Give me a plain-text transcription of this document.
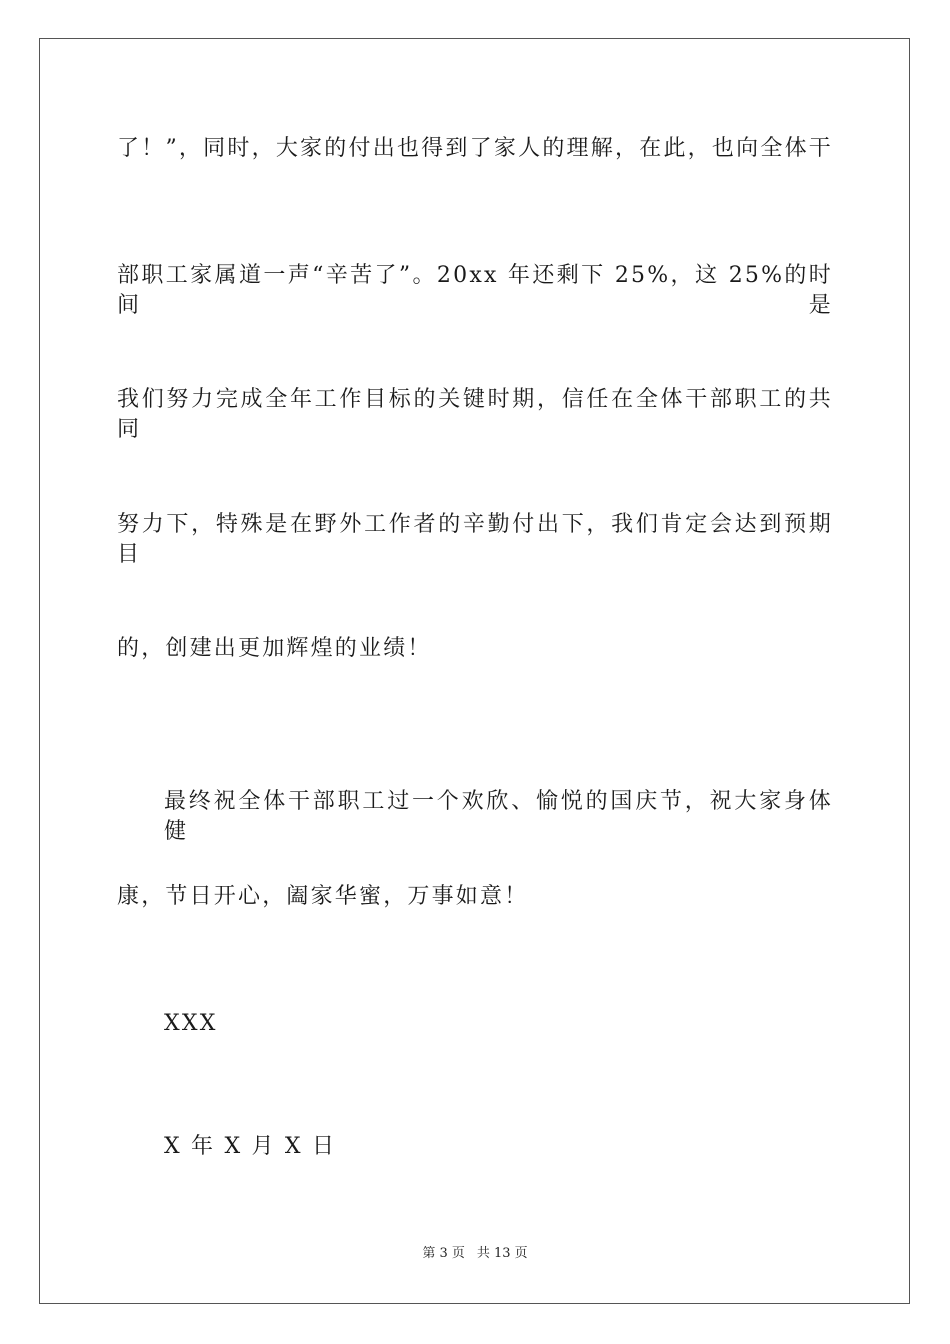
了！”，同时，大家的付出也得到了家人的理解，在此，也向全体干
部职工家属道一声“辛苦了”。20xx 年还剩下 25%，这 25%的时间是
我们努力完成全年工作目标的关键时期，信任在全体干部职工的共同
努力下，特殊是在野外工作者的辛勤付出下，我们肯定会达到预期目
的，创建出更加辉煌的业绩！
最终祝全体干部职工过一个欢欣、愉悦的国庆节，祝大家身体健
康，节日开心，阖家华蜜，万事如意！
XXX
X 年 X 月 X 日
第 3 页 共 13 页
